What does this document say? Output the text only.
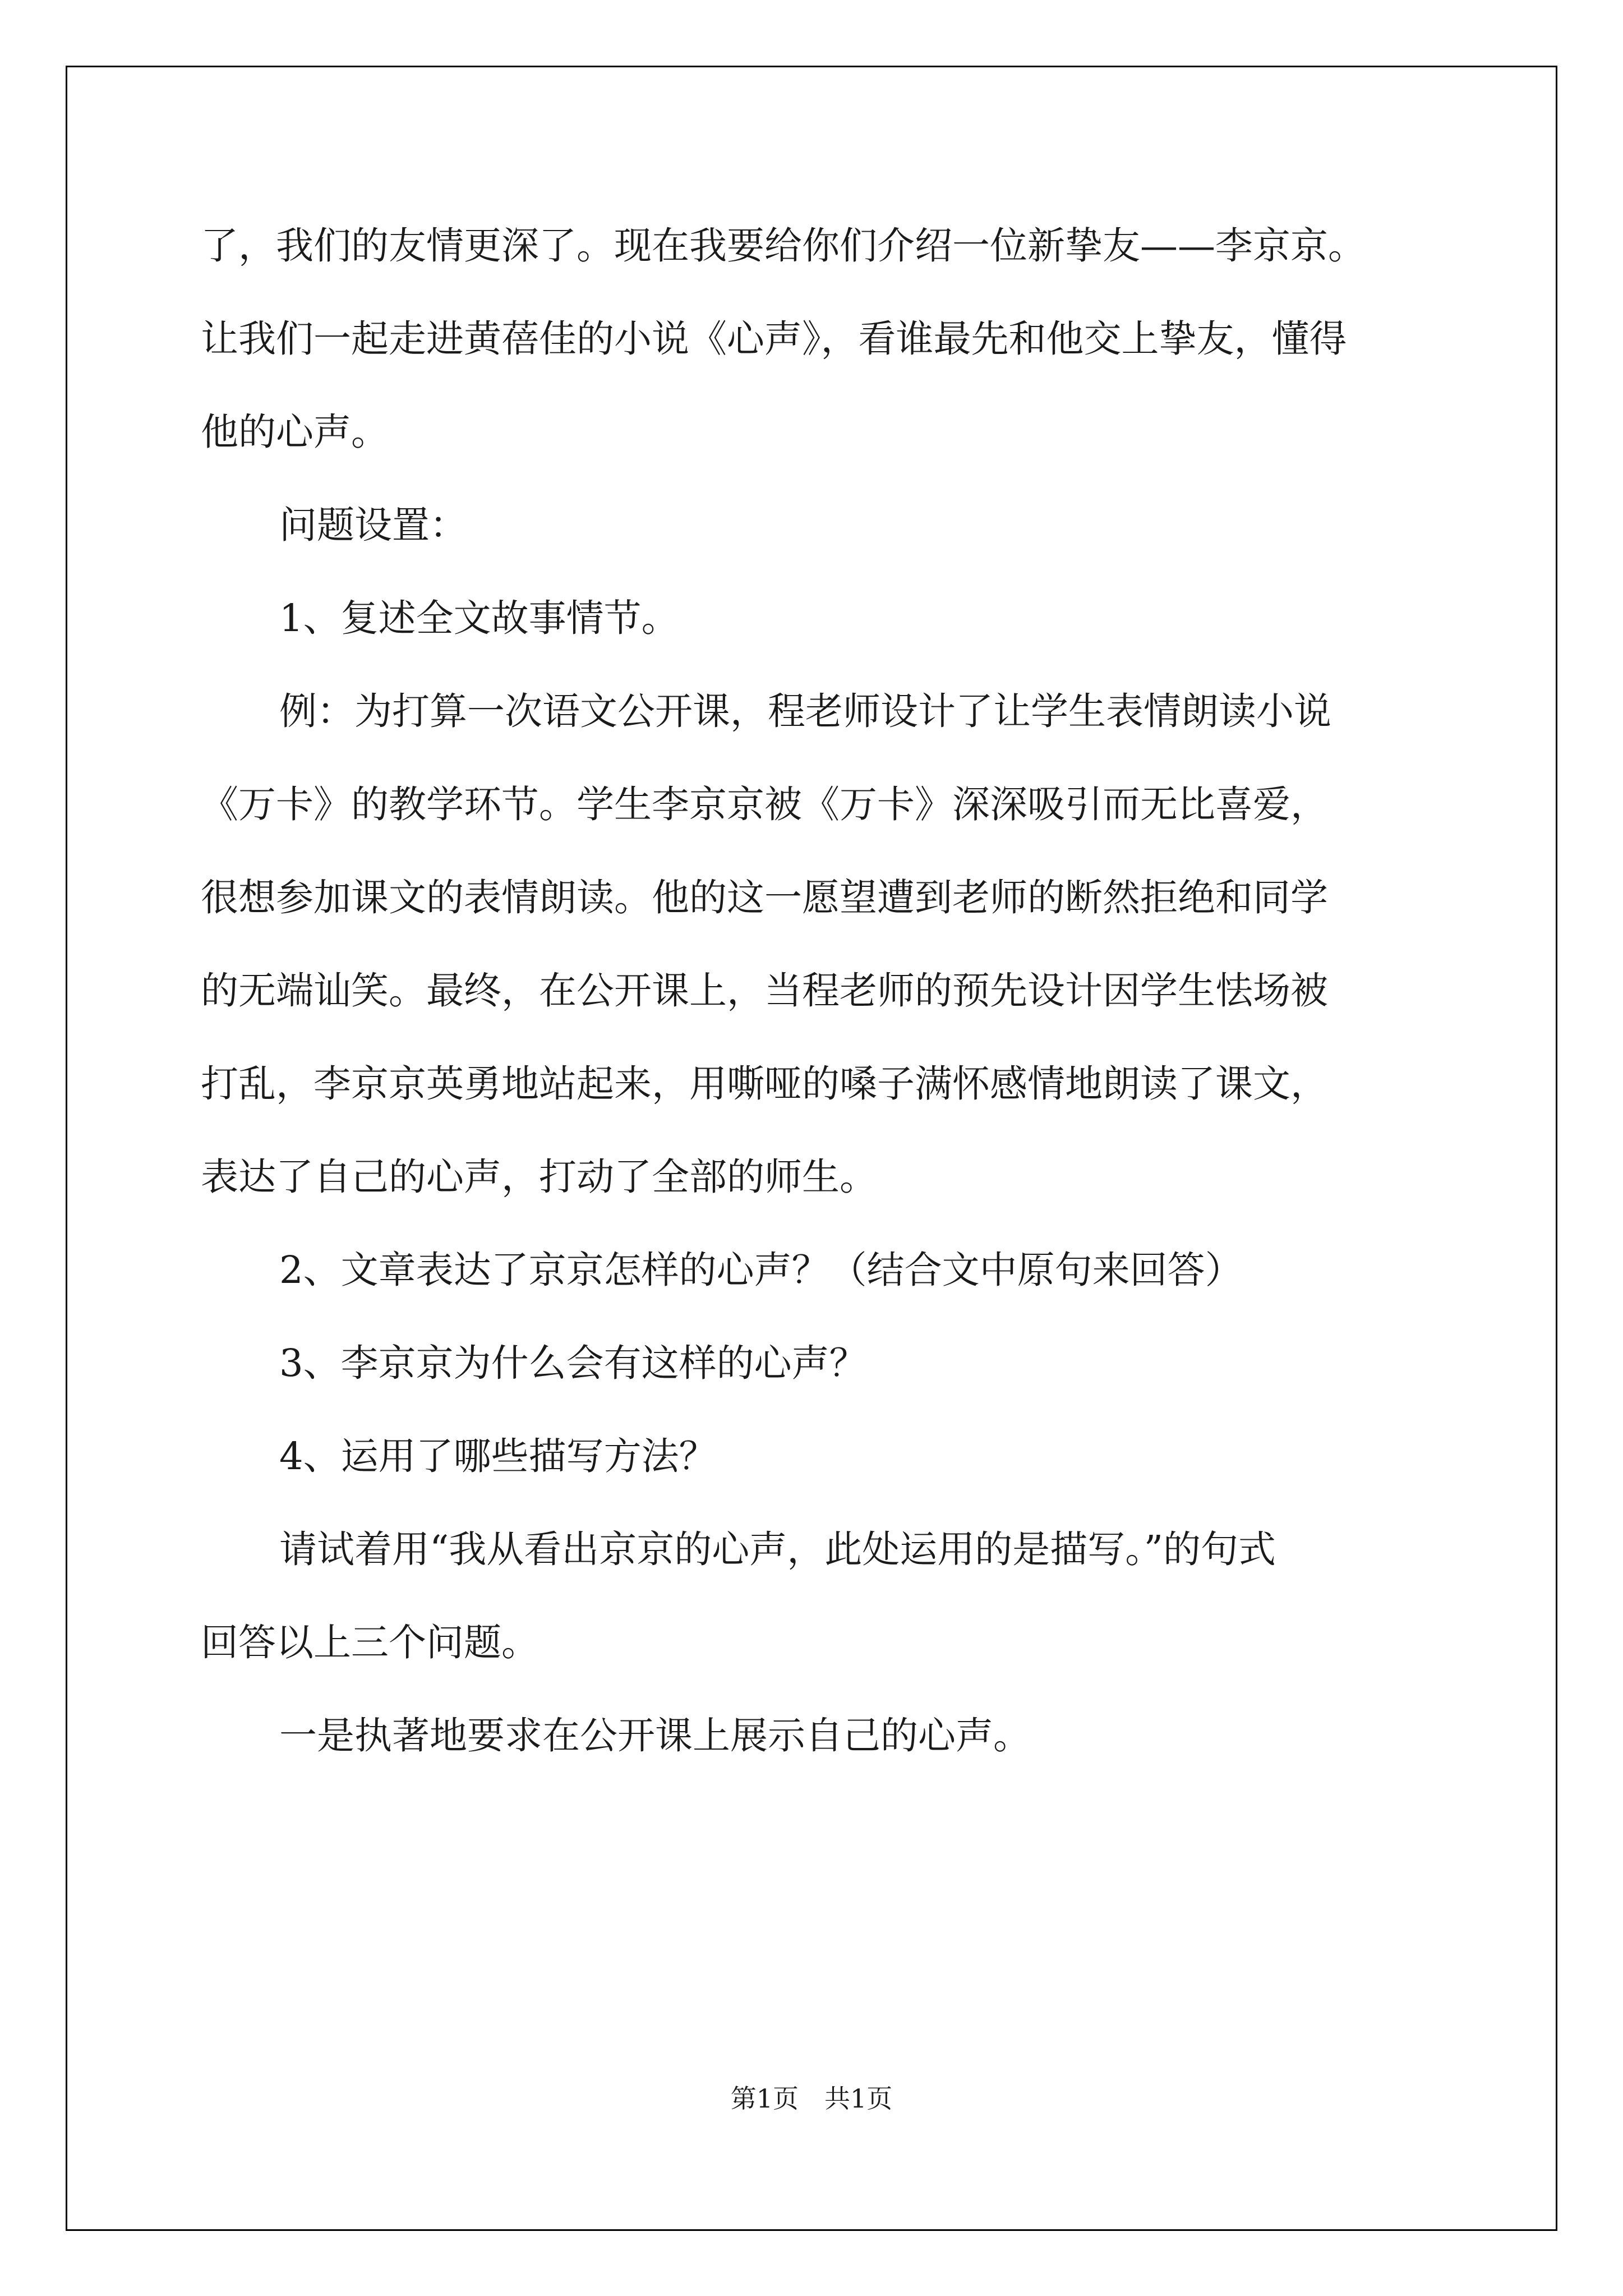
了，我们的友情更深了。现在我要给你们介绍一位新挚友——李京京。
让我们一起走进黄蓓佳的小说《心声》，看谁最先和他交上挚友，懂得
他的心声。
问题设置：
1、复述全文故事情节。
例：为打算一次语文公开课，程老师设计了让学生表情朗读小说
《万卡》的教学环节。学生李京京被《万卡》深深吸引而无比喜爱，
很想参加课文的表情朗读。他的这一愿望遭到老师的断然拒绝和同学
的无端讪笑。最终，在公开课上，当程老师的预先设计因学生怯场被
打乱，李京京英勇地站起来，用嘶哑的嗓子满怀感情地朗读了课文，
表达了自己的心声，打动了全部的师生。
2、文章表达了京京怎样的心声？（结合文中原句来回答）
3、李京京为什么会有这样的心声？
4、运用了哪些描写方法？
请试着用“我从看出京京的心声，此处运用的是描写。”的句式
回答以上三个问题。
一是执著地要求在公开课上展示自己的心声。
第1页 共1页
